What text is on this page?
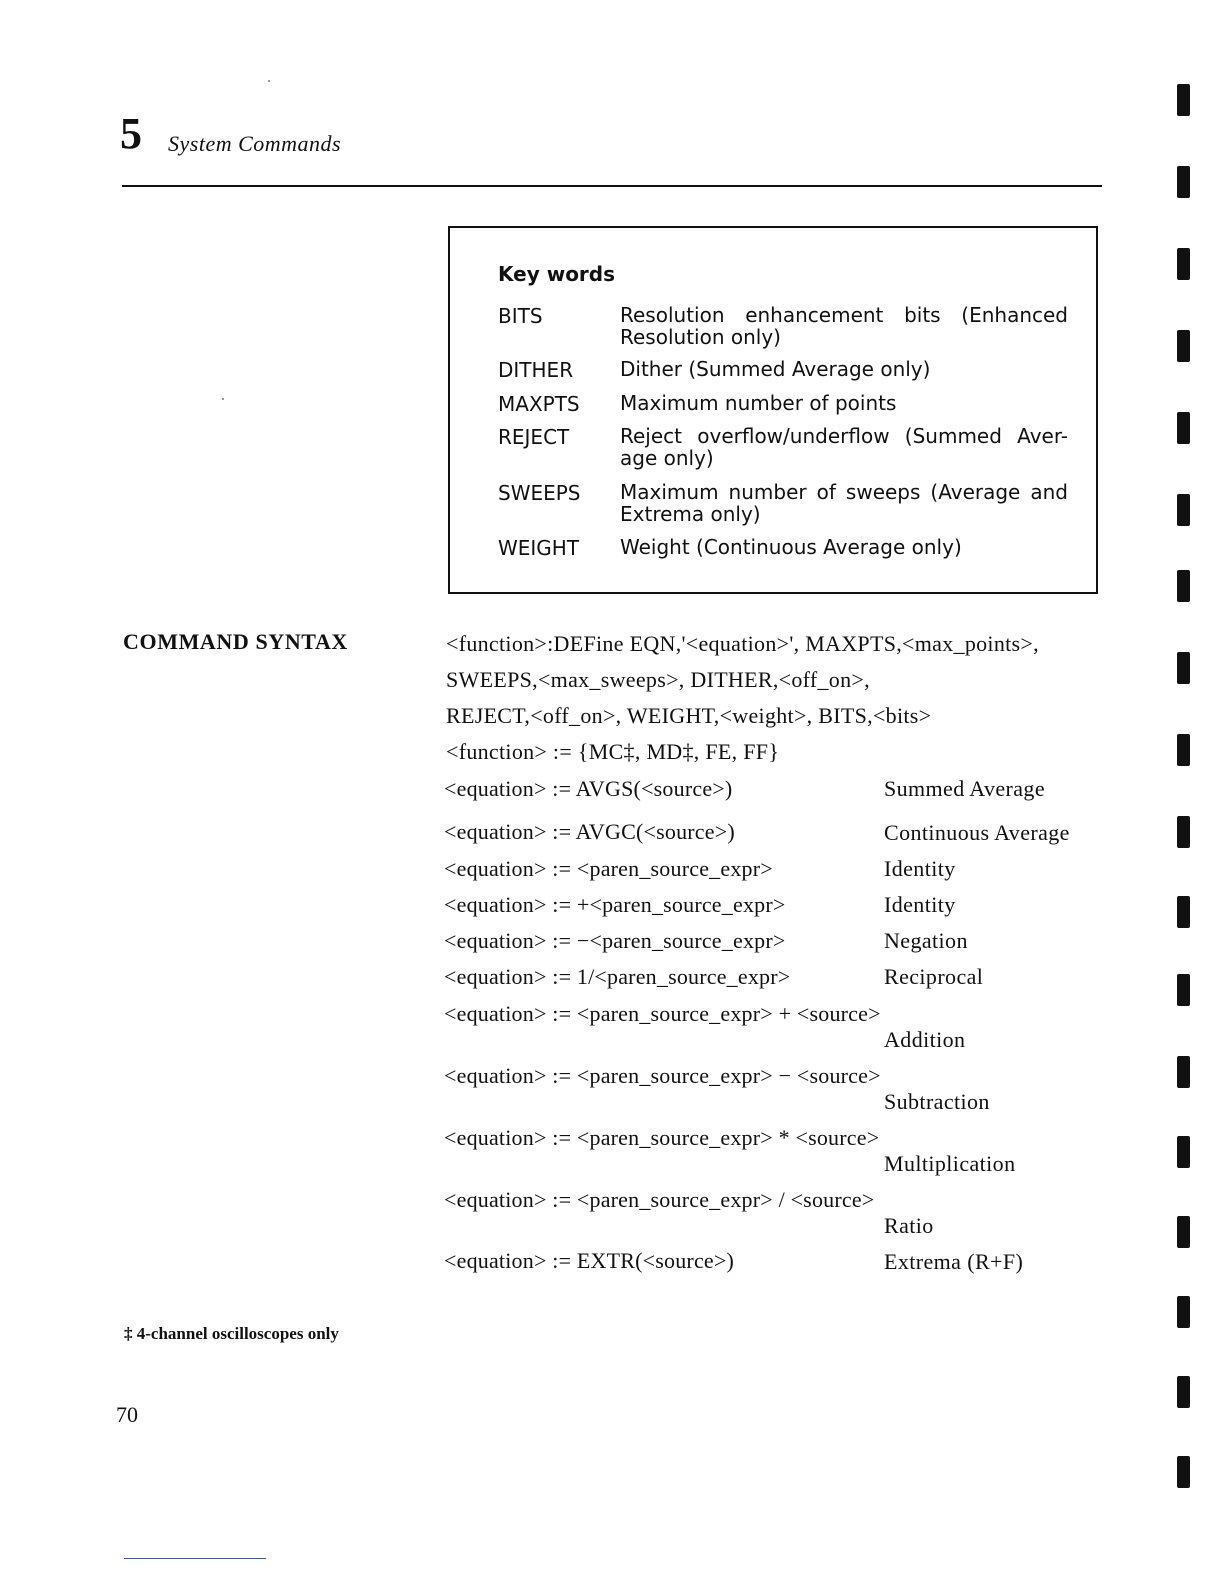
5 System Commands
Key words
BITS	Resolution enhancement bits (Enhanced Resolution only)
DITHER Dither (Summed Average only)
MAXPTS Maximum number of points
REJECT	Reject overflow/underflow (Summed Aver- age only)
SWEEPS Maximum number of sweeps (Average and Extrema only)
WEIGHT Weight (Continuous Average only)
COMMAND SYNTAX	<function>:DEFine EQN,'<equation>', MAXPTS,<max_points>,
SWEEPS,<max_sweeps>, DITHER,<off_on>,
REJECT,<off_on>, WEIGHT,<weight>, BITS,<bits>
<function> := {MC‡, MD‡, FE, FF}
<equation> := AVGS(<source>)	Summed Average
<equation> := AVGC(<source>)	Continuous Average
<equation> := <paren_source_expr>	Identity
<equation> := +<paren_source_expr>	Identity
<equation> := −<paren_source_expr>	Negation
<equation> := 1/<paren_source_expr>	Reciprocal
<equation> := <paren_source_expr> + <source>
Addition
<equation> := <paren_source_expr> − <source>
Subtraction
<equation> := <paren_source_expr> * <source>
Multiplication
<equation> := <paren_source_expr> / <source>
Ratio
<equation> := EXTR(<source>)	Extrema (R+F)
‡ 4-channel oscilloscopes only
70
